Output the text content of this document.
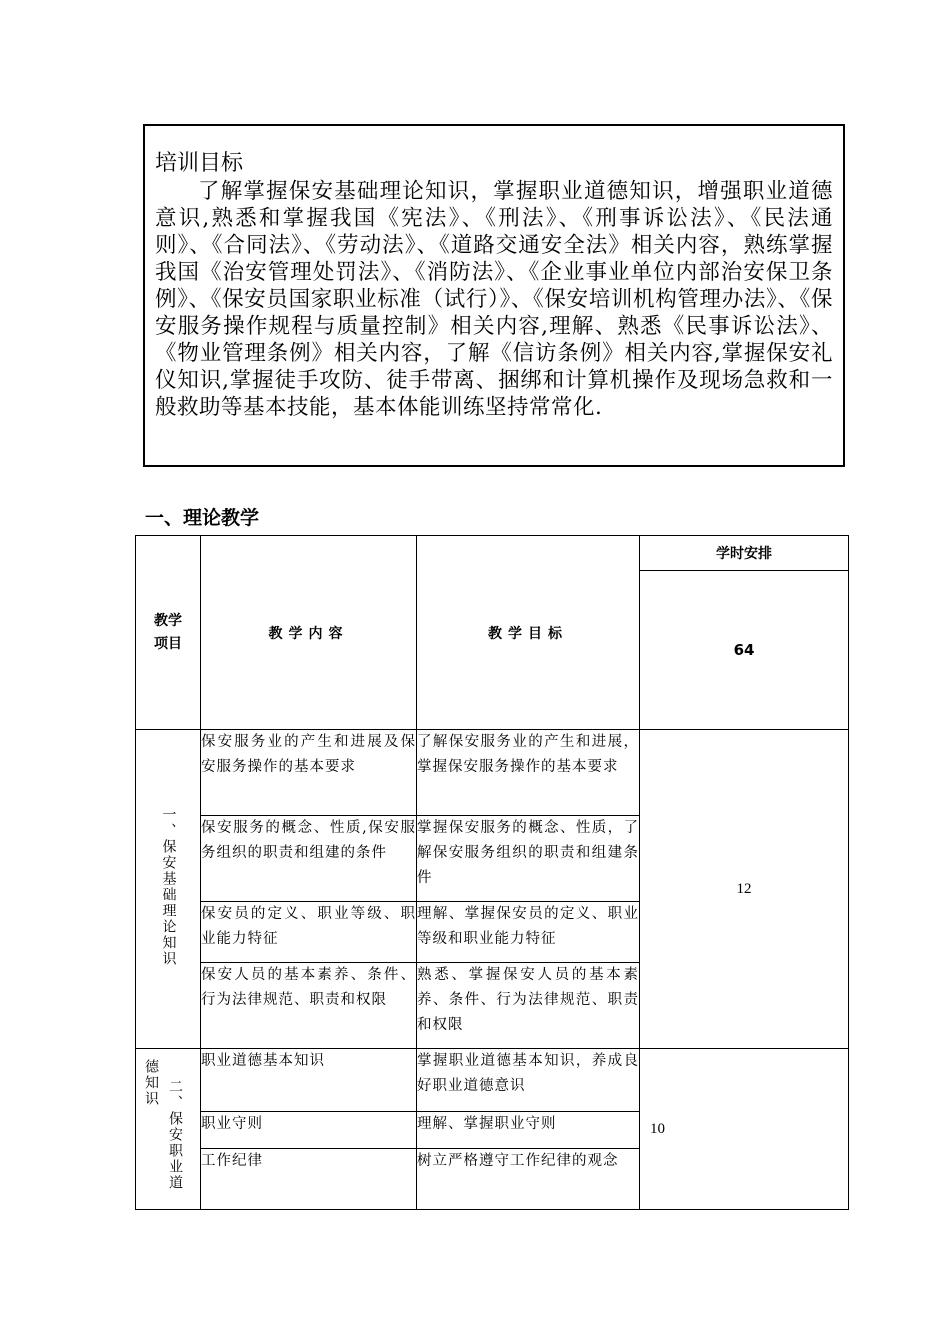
培训目标

了解掌握保安基础理论知识，掌握职业道德知识，增强职业道德意识,熟悉和掌握我国《宪法》、《刑法》、《刑事诉讼法》、《民法通则》、《合同法》、《劳动法》、《道路交通安全法》相关内容，熟练掌握我国《治安管理处罚法》、《消防法》、《企业事业单位内部治安保卫条例》、《保安员国家职业标准（试行）》、《保安培训机构管理办法》、《保安服务操作规程与质量控制》相关内容,理解、熟悉《民事诉讼法》、《物业管理条例》相关内容，了解《信访条例》相关内容,掌握保安礼仪知识,掌握徒手攻防、徒手带离、捆绑和计算机操作及现场急救和一般救助等基本技能，基本体能训练坚持常常化.

一、理论教学

教学项目	教学内容	教学目标	学时安排
			64
一、保安基础理论知识	保安服务业的产生和进展及保安服务操作的基本要求	了解保安服务业的产生和进展，掌握保安服务操作的基本要求	12
	保安服务的概念、性质,保安服务组织的职责和组建的条件	掌握保安服务的概念、性质，了解保安服务组织的职责和组建条件	
	保安员的定义、职业等级、职业能力特征	理解、掌握保安员的定义、职业等级和职业能力特征	
	保安人员的基本素养、条件、行为法律规范、职责和权限	熟悉、掌握保安人员的基本素养、条件、行为法律规范、职责和权限	

德知识 二、保安职业道	职业道德基本知识	掌握职业道德基本知识，养成良好职业道德意识	10
	职业守则	理解、掌握职业守则	
	工作纪律	树立严格遵守工作纪律的观念	
